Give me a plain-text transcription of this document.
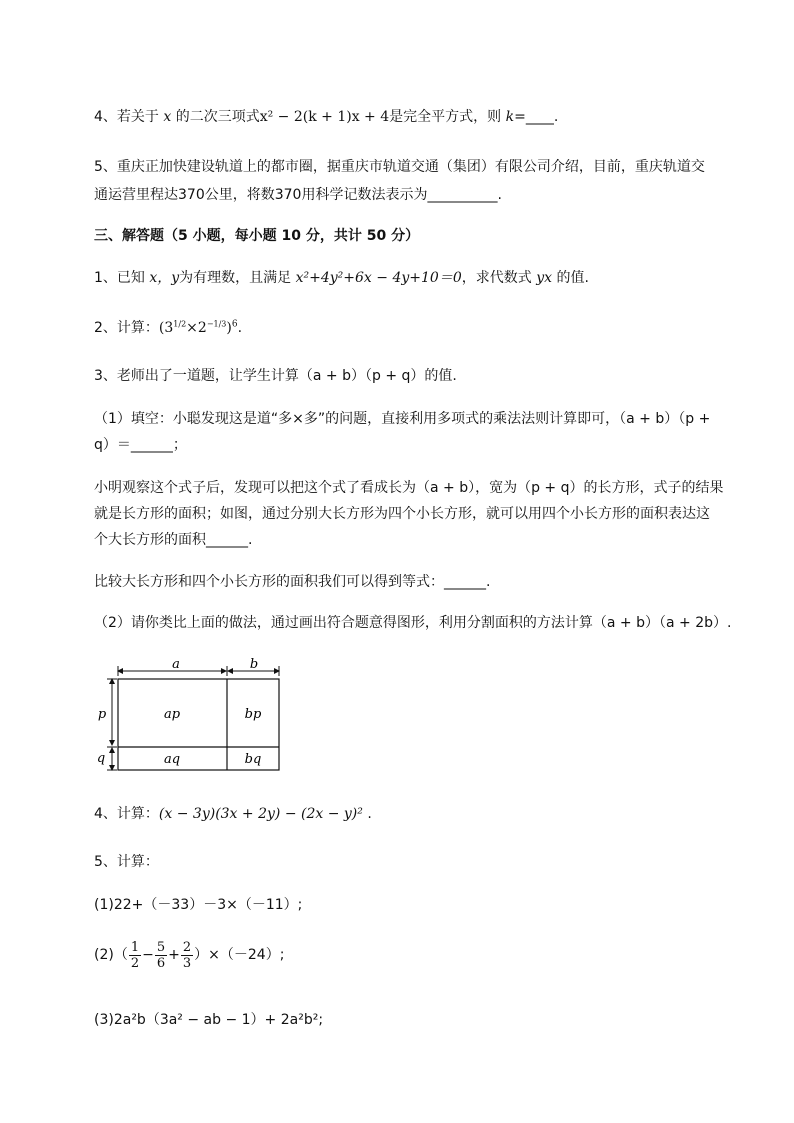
4、若关于 x 的二次三项式x² − 2(k + 1)x + 4是完全平方式，则 k=____.
5、重庆正加快建设轨道上的都市圈，据重庆市轨道交通（集团）有限公司介绍，目前，重庆轨道交
通运营里程达370公里，将数370用科学记数法表示为__________.
三、解答题（5 小题，每小题 10 分，共计 50 分）
1、已知 x，y为有理数，且满足 x²+4y²+6x − 4y+10＝0，求代数式 yx 的值.
2、计算：$(3^{1/2}\times 2^{-1/3})^6$.
3、老师出了一道题，让学生计算（a + b）（p + q）的值.
（1）填空：小聪发现这是道“多×多”的问题，直接利用多项式的乘法法则计算即可，（a + b）（p +
q）＝______；
小明观察这个式子后，发现可以把这个式了看成长为（a + b），宽为（p + q）的长方形，式子的结果
就是长方形的面积；如图，通过分别大长方形为四个小长方形，就可以用四个小长方形的面积表达这
个大长方形的面积______.
比较大长方形和四个小长方形的面积我们可以得到等式：______.
（2）请你类比上面的做法，通过画出符合题意得图形，利用分割面积的方法计算（a + b）（a + 2b）.
a	b
p
q
ap	bp
aq	bq
4、计算：(x − 3y)(3x + 2y) − (2x − y)² .
5、计算：
(1)22+（－33）－3×（－11）;
$(2)( \frac{1}{2} - \frac{5}{6} + \frac{2}{3} )\times(-24)$;
(3)2a²b（3a² − ab − 1）+ 2a²b²;
